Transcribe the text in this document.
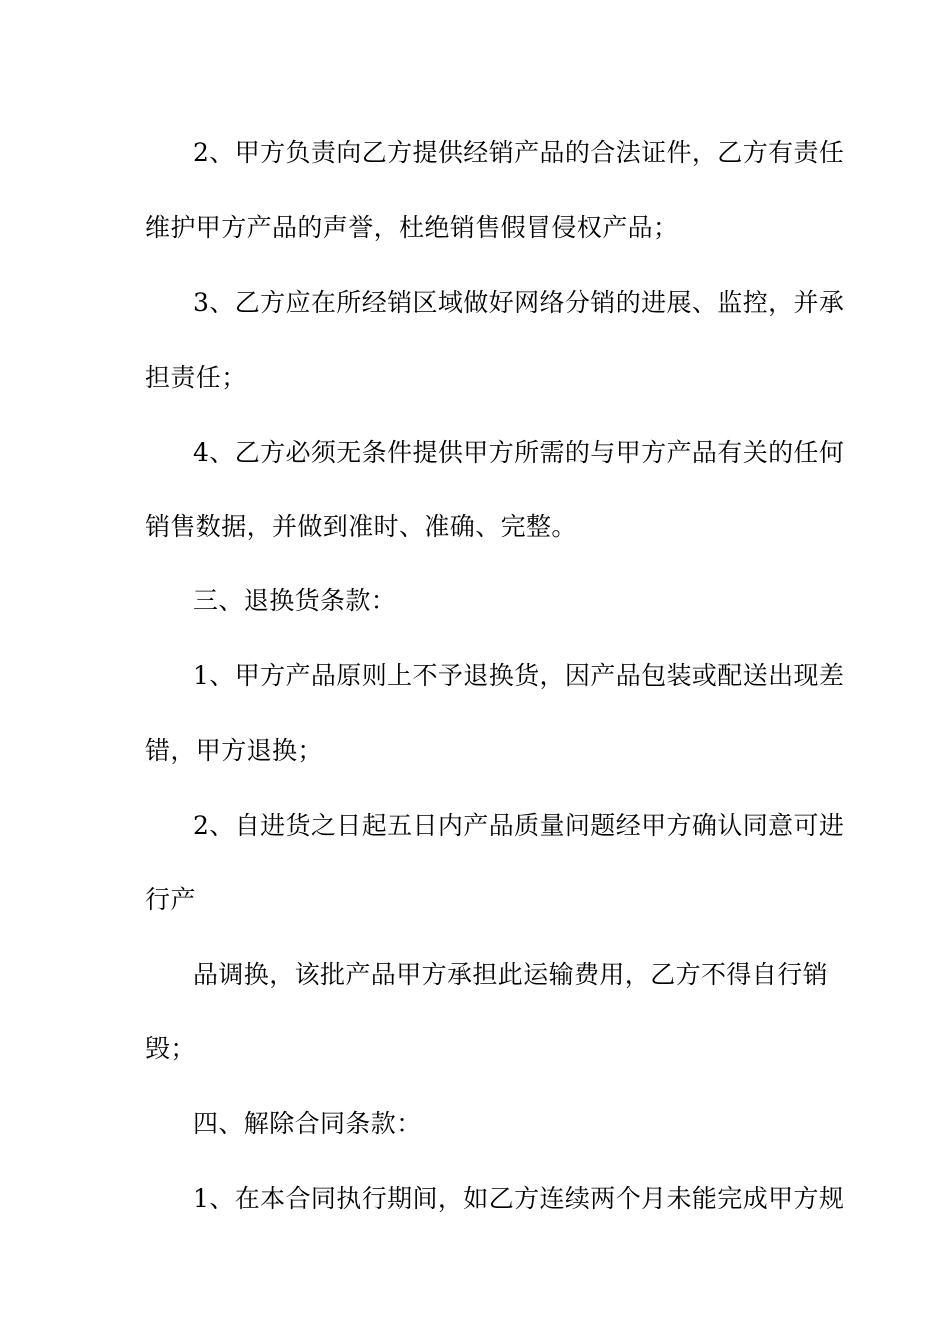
2、甲方负责向乙方提供经销产品的合法证件，乙方有责任
维护甲方产品的声誉，杜绝销售假冒侵权产品；
3、乙方应在所经销区域做好网络分销的进展、监控，并承
担责任；
4、乙方必须无条件提供甲方所需的与甲方产品有关的任何
销售数据，并做到准时、准确、完整。
三、退换货条款：
1、甲方产品原则上不予退换货，因产品包装或配送出现差
错，甲方退换；
2、自进货之日起五日内产品质量问题经甲方确认同意可进
行产
品调换，该批产品甲方承担此运输费用，乙方不得自行销
毁；
四、解除合同条款：
1、在本合同执行期间，如乙方连续两个月未能完成甲方规
